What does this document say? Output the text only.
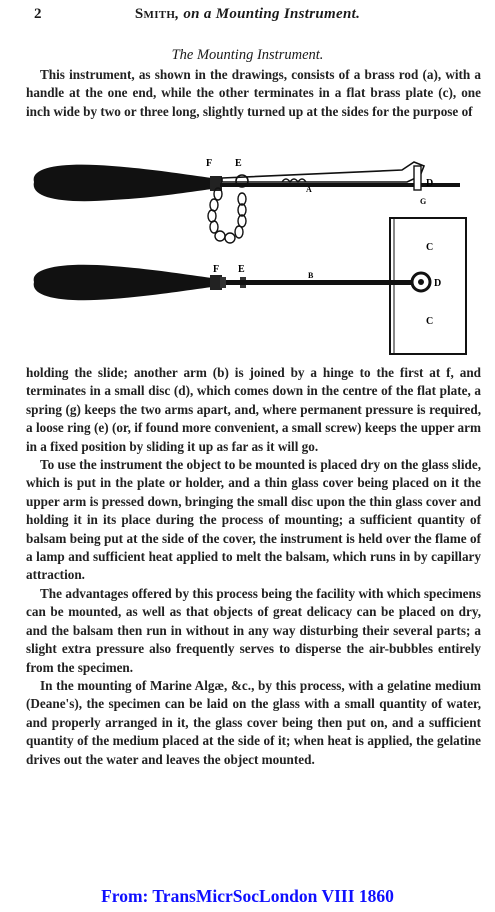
2	Smith, on a Mounting Instrument.
The Mounting Instrument.
This instrument, as shown in the drawings, consists of a brass rod (a), with a handle at the one end, while the other terminates in a flat brass plate (c), one inch wide by two or three long, slightly turned up at the sides for the purpose of
F E
A
D
G
C
C
F E
B
D
holding the slide; another arm (b) is joined by a hinge to the first at f, and terminates in a small disc (d), which comes down in the centre of the flat plate, a spring (g) keeps the two arms apart, and, where permanent pressure is required, a loose ring (e) (or, if found more convenient, a small screw) keeps the upper arm in a fixed position by sliding it up as far as it will go.
To use the instrument the object to be mounted is placed dry on the glass slide, which is put in the plate or holder, and a thin glass cover being placed on it the upper arm is pressed down, bringing the small disc upon the thin glass cover and holding it in its place during the process of mounting; a sufficient quantity of balsam being put at the side of the cover, the instrument is held over the flame of a lamp and sufficient heat applied to melt the balsam, which runs in by capillary attraction.
The advantages offered by this process being the facility with which specimens can be mounted, as well as that objects of great delicacy can be placed on dry, and the balsam then run in without in any way disturbing their several parts; a slight extra pressure also frequently serves to disperse the air-bubbles entirely from the specimen.
In the mounting of Marine Algæ, &c., by this process, with a gelatine medium (Deane's), the specimen can be laid on the glass with a small quantity of water, and properly arranged in it, the glass cover being then put on, and a sufficient quantity of the medium placed at the side of it; when heat is applied, the gelatine drives out the water and leaves the object mounted.
From: TransMicrSocLondon VIII 1860
